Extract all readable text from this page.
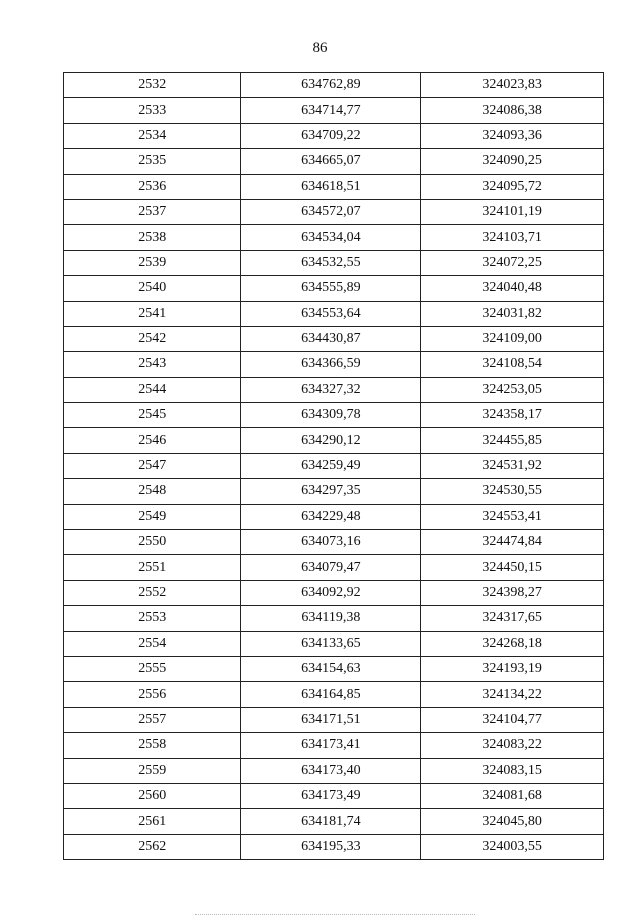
86
2532	634762,89	324023,83
2533	634714,77	324086,38
2534	634709,22	324093,36
2535	634665,07	324090,25
2536	634618,51	324095,72
2537	634572,07	324101,19
2538	634534,04	324103,71
2539	634532,55	324072,25
2540	634555,89	324040,48
2541	634553,64	324031,82
2542	634430,87	324109,00
2543	634366,59	324108,54
2544	634327,32	324253,05
2545	634309,78	324358,17
2546	634290,12	324455,85
2547	634259,49	324531,92
2548	634297,35	324530,55
2549	634229,48	324553,41
2550	634073,16	324474,84
2551	634079,47	324450,15
2552	634092,92	324398,27
2553	634119,38	324317,65
2554	634133,65	324268,18
2555	634154,63	324193,19
2556	634164,85	324134,22
2557	634171,51	324104,77
2558	634173,41	324083,22
2559	634173,40	324083,15
2560	634173,49	324081,68
2561	634181,74	324045,80
2562	634195,33	324003,55
